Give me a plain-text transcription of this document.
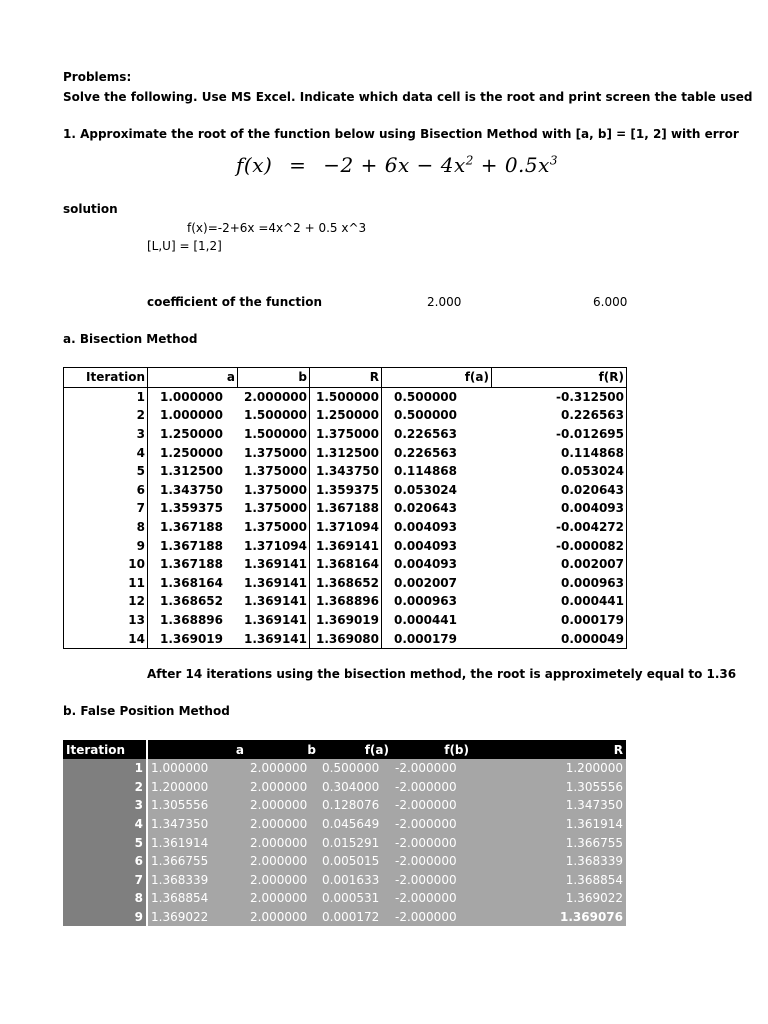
Problems:
Solve the following. Use MS Excel. Indicate which data cell is the root and print screen the table used
1. Approximate the root of the function below using Bisection Method with [a, b] = [1, 2] with error
$f(x) = -2 + 6x - 4x^2 + 0.5x^3$
solution
f(x)=-2+6x =4x^2 + 0.5 x^3
[L,U] = [1,2]
coefficient of the function	2.000	6.000
a. Bisection Method
Iteration	a	b	R	f(a)	f(R)
1	1.000000	2.000000	1.500000	0.500000	-0.312500
2	1.000000	1.500000	1.250000	0.500000	0.226563
3	1.250000	1.500000	1.375000	0.226563	-0.012695
4	1.250000	1.375000	1.312500	0.226563	0.114868
5	1.312500	1.375000	1.343750	0.114868	0.053024
6	1.343750	1.375000	1.359375	0.053024	0.020643
7	1.359375	1.375000	1.367188	0.020643	0.004093
8	1.367188	1.375000	1.371094	0.004093	-0.004272
9	1.367188	1.371094	1.369141	0.004093	-0.000082
10	1.367188	1.369141	1.368164	0.004093	0.002007
11	1.368164	1.369141	1.368652	0.002007	0.000963
12	1.368652	1.369141	1.368896	0.000963	0.000441
13	1.368896	1.369141	1.369019	0.000441	0.000179
14	1.369019	1.369141	1.369080	0.000179	0.000049
After 14 iterations using the bisection method, the root is approximetely equal to 1.36
b. False Position Method
Iteration	a	b	f(a)	f(b)	R
1	1.000000	2.000000	0.500000	-2.000000	1.200000
2	1.200000	2.000000	0.304000	-2.000000	1.305556
3	1.305556	2.000000	0.128076	-2.000000	1.347350
4	1.347350	2.000000	0.045649	-2.000000	1.361914
5	1.361914	2.000000	0.015291	-2.000000	1.366755
6	1.366755	2.000000	0.005015	-2.000000	1.368339
7	1.368339	2.000000	0.001633	-2.000000	1.368854
8	1.368854	2.000000	0.000531	-2.000000	1.369022
9	1.369022	2.000000	0.000172	-2.000000	1.369076
